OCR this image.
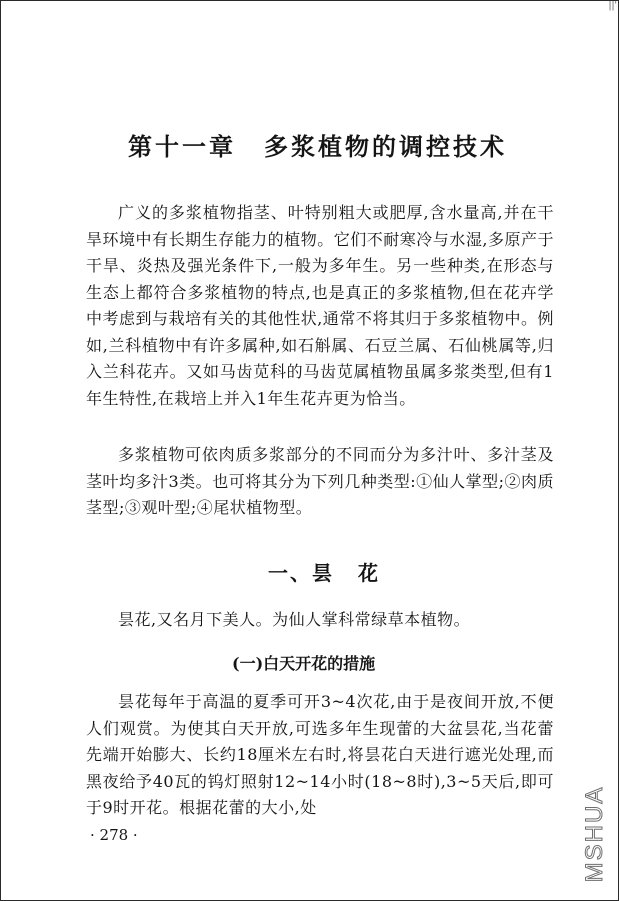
||'
第十一章 多浆植物的调控技术

广义的多浆植物指茎、叶特别粗大或肥厚,含水量高,并在干旱环境中有长期生存能力的植物。它们不耐寒冷与水湿,多原产于干旱、炎热及强光条件下,一般为多年生。另一些种类,在形态与生态上都符合多浆植物的特点,也是真正的多浆植物,但在花卉学中考虑到与栽培有关的其他性状,通常不将其归于多浆植物中。例如,兰科植物中有许多属种,如石斛属、石豆兰属、石仙桃属等,归入兰科花卉。又如马齿苋科的马齿苋属植物虽属多浆类型,但有1年生特性,在栽培上并入1年生花卉更为恰当。

多浆植物可依肉质多浆部分的不同而分为多汁叶、多汁茎及茎叶均多汁3类。也可将其分为下列几种类型:①仙人掌型;②肉质茎型;③观叶型;④尾状植物型。

一、昙 花

昙花,又名月下美人。为仙人掌科常绿草本植物。

(一)白天开花的措施

昙花每年于高温的夏季可开3~4次花,由于是夜间开放,不便人们观赏。为使其白天开放,可选多年生现蕾的大盆昙花,当花蕾先端开始膨大、长约18厘米左右时,将昙花白天进行遮光处理,而黑夜给予40瓦的钨灯照射12~14小时(18~8时),3~5天后,即可于9时开花。根据花蕾的大小,处

· 278 ·	MSHUA
